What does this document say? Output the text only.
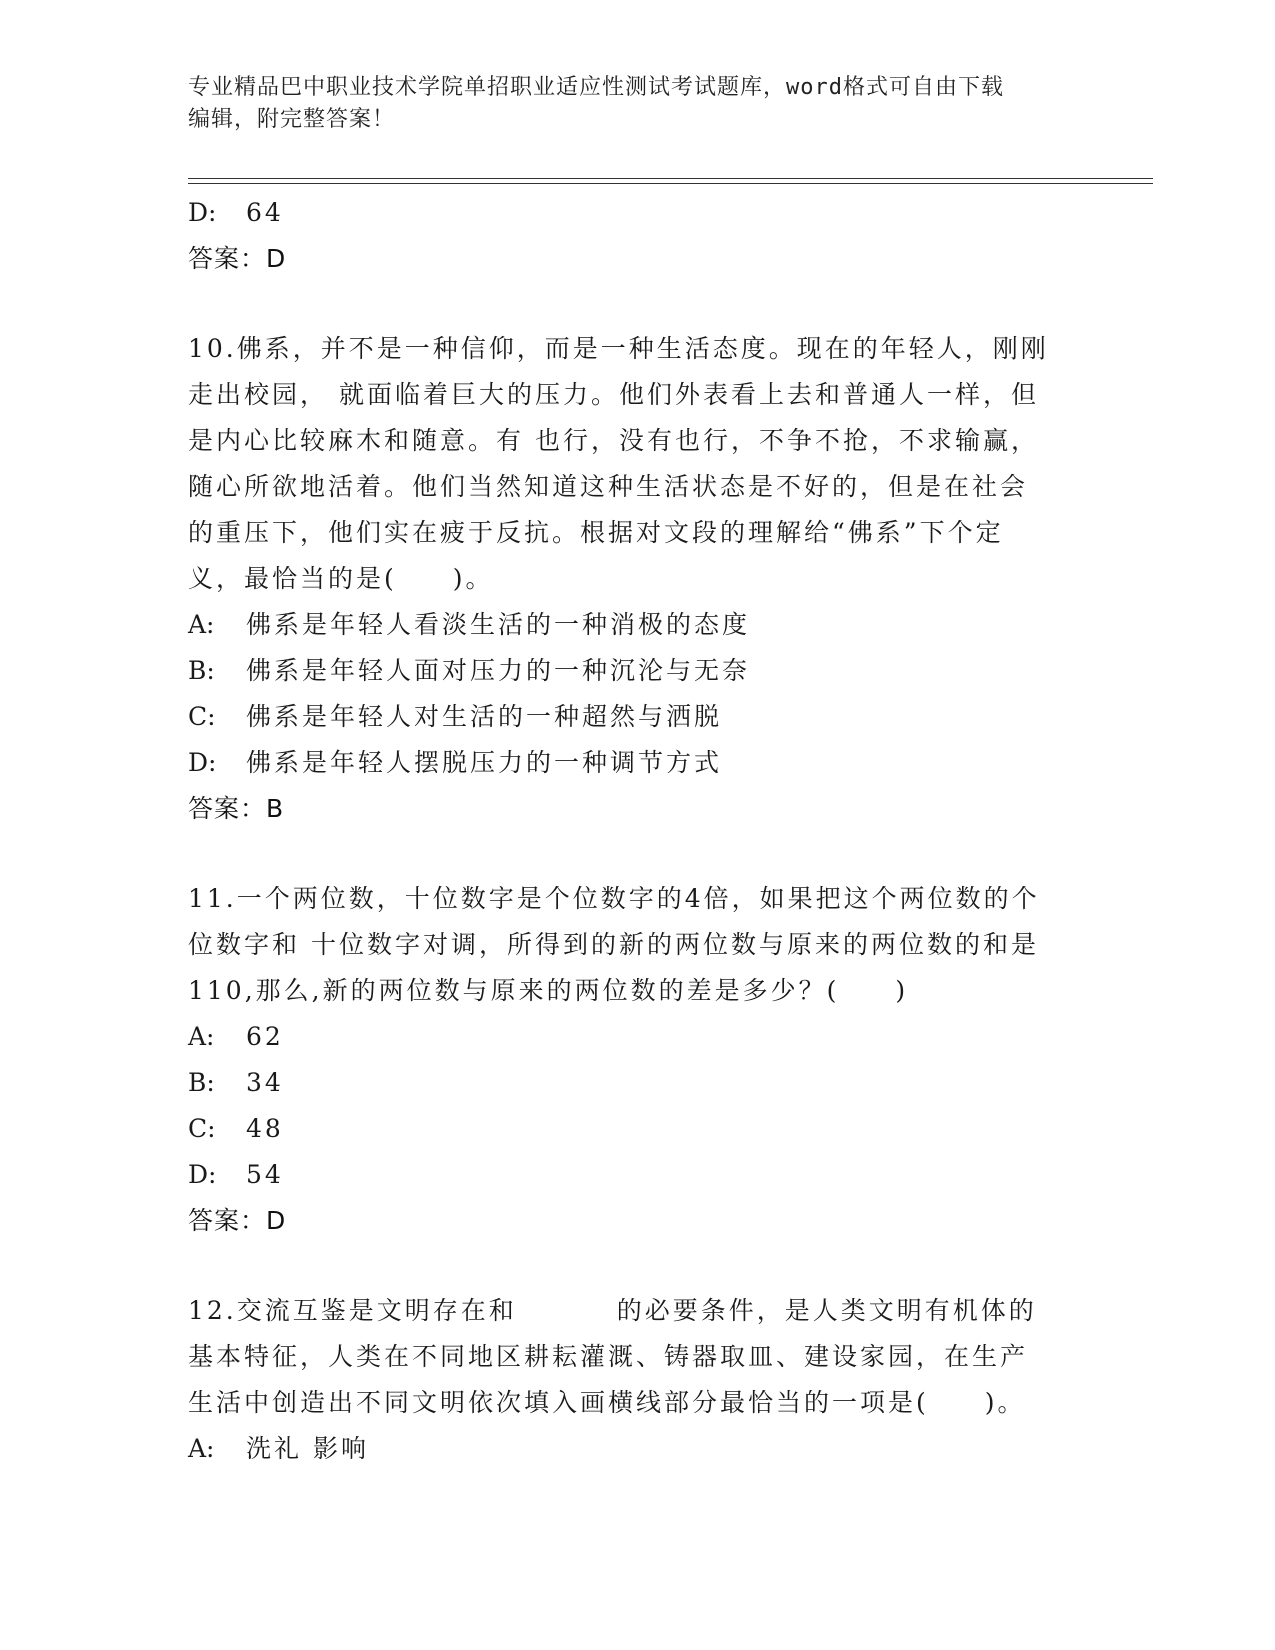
专业精品巴中职业技术学院单招职业适应性测试考试题库，word格式可自由下载
编辑，附完整答案！
D: 64
答案：D
10.佛系，并不是一种信仰，而是一种生活态度。现在的年轻人，刚刚
走出校园， 就面临着巨大的压力。他们外表看上去和普通人一样，但
是内心比较麻木和随意。有 也行，没有也行，不争不抢，不求输赢，
随心所欲地活着。他们当然知道这种生活状态是不好的，但是在社会
的重压下，他们实在疲于反抗。根据对文段的理解给“佛系”下个定
义，最恰当的是(　　)。
A: 佛系是年轻人看淡生活的一种消极的态度
B: 佛系是年轻人面对压力的一种沉沦与无奈
C: 佛系是年轻人对生活的一种超然与洒脱
D: 佛系是年轻人摆脱压力的一种调节方式
答案：B
11.一个两位数，十位数字是个位数字的4倍，如果把这个两位数的个
位数字和 十位数字对调，所得到的新的两位数与原来的两位数的和是
110,那么,新的两位数与原来的两位数的差是多少？(　　)
A: 62
B: 34
C: 48
D: 54
答案：D
12.交流互鉴是文明存在和	的必要条件，是人类文明有机体的
基本特征，人类在不同地区耕耘灌溉、铸器取皿、建设家园，在生产
生活中创造出不同文明依次填入画横线部分最恰当的一项是(　　)。
A: 洗礼 影响
